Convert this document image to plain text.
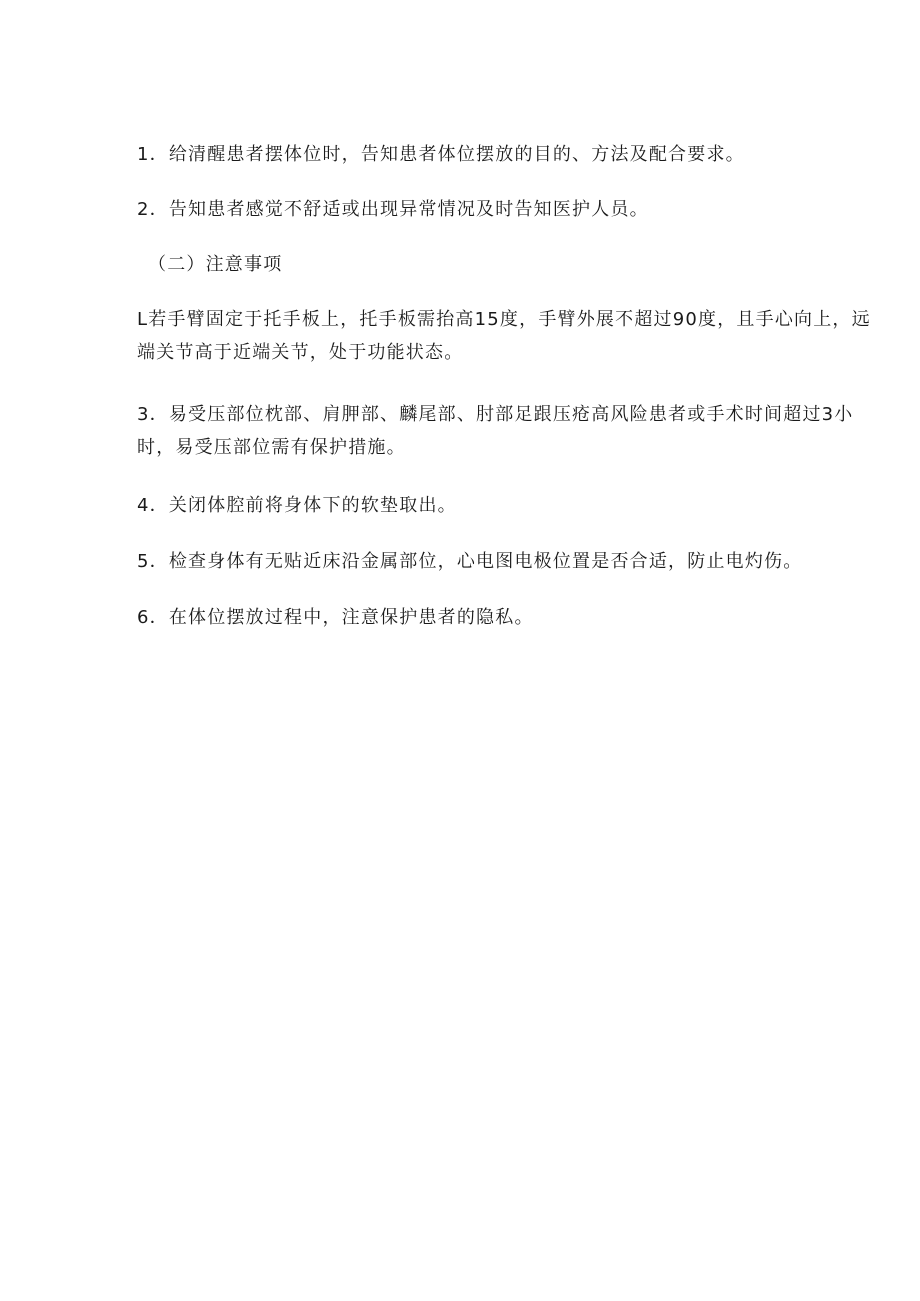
1．给清醒患者摆体位时，告知患者体位摆放的目的、方法及配合要求。
2．告知患者感觉不舒适或出现异常情况及时告知医护人员。
（二）注意事项
L若手臂固定于托手板上，托手板需抬高15度，手臂外展不超过90度，且手心向上，远端关节高于近端关节，处于功能状态。
3．易受压部位枕部、肩胛部、麟尾部、肘部足跟压疮高风险患者或手术时间超过3小时，易受压部位需有保护措施。
4．关闭体腔前将身体下的软垫取出。
5．检查身体有无贴近床沿金属部位，心电图电极位置是否合适，防止电灼伤。
6．在体位摆放过程中，注意保护患者的隐私。
